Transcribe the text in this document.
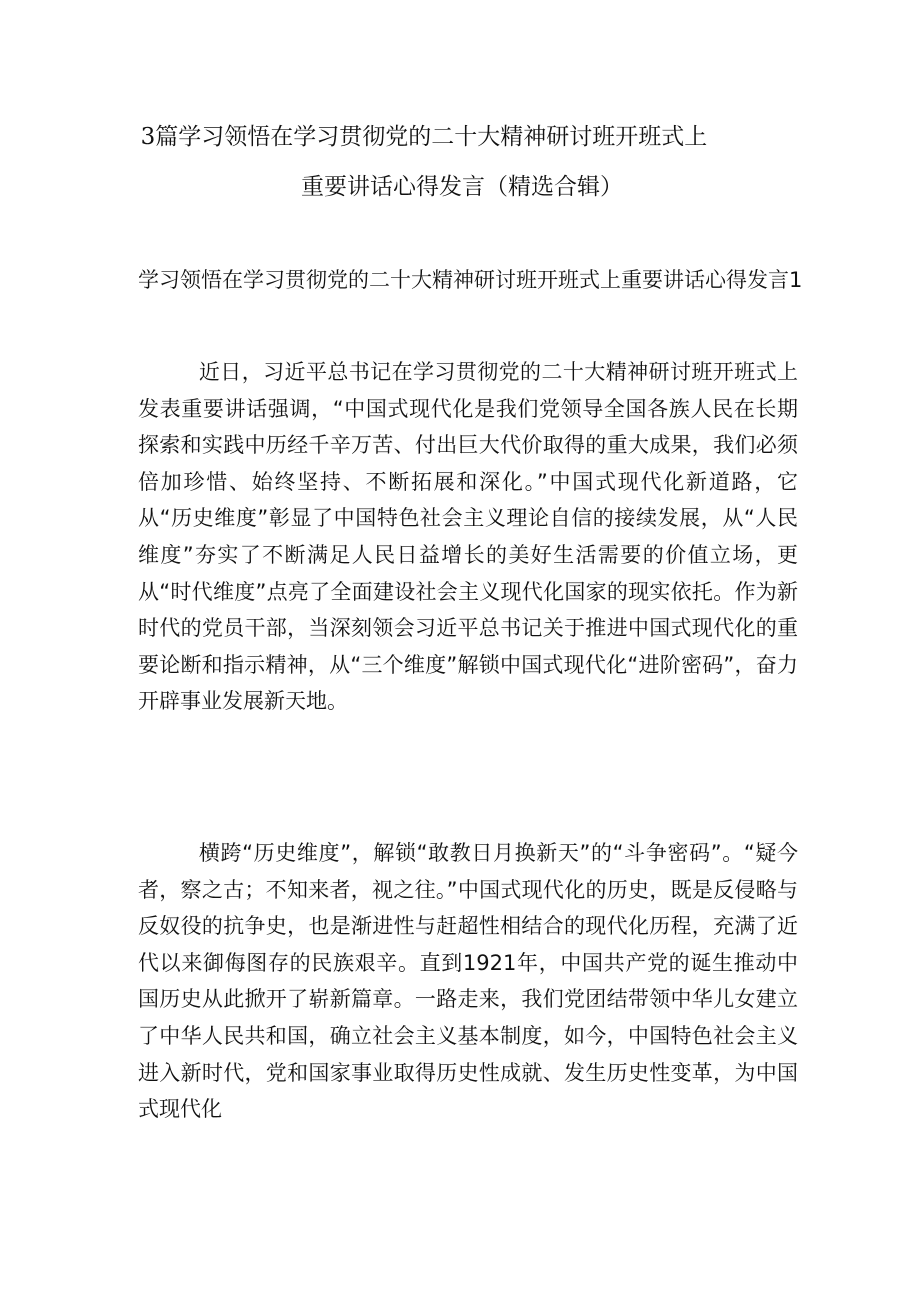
3篇学习领悟在学习贯彻党的二十大精神研讨班开班式上
重要讲话心得发言（精选合辑）
学习领悟在学习贯彻党的二十大精神研讨班开班式上重要讲话心得发言1
近日，习近平总书记在学习贯彻党的二十大精神研讨班开班式上发表重要讲话强调，“中国式现代化是我们党领导全国各族人民在长期探索和实践中历经千辛万苦、付出巨大代价取得的重大成果，我们必须倍加珍惜、始终坚持、不断拓展和深化。”中国式现代化新道路，它从“历史维度”彰显了中国特色社会主义理论自信的接续发展，从“人民维度”夯实了不断满足人民日益增长的美好生活需要的价值立场，更从“时代维度”点亮了全面建设社会主义现代化国家的现实依托。作为新时代的党员干部，当深刻领会习近平总书记关于推进中国式现代化的重要论断和指示精神，从“三个维度”解锁中国式现代化“进阶密码”，奋力开辟事业发展新天地。
横跨“历史维度”，解锁“敢教日月换新天”的“斗争密码”。“疑今者，察之古；不知来者，视之往。”中国式现代化的历史，既是反侵略与反奴役的抗争史，也是渐进性与赶超性相结合的现代化历程，充满了近代以来御侮图存的民族艰辛。直到1921年，中国共产党的诞生推动中国历史从此掀开了崭新篇章。一路走来，我们党团结带领中华儿女建立了中华人民共和国，确立社会主义基本制度，如今，中国特色社会主义进入新时代，党和国家事业取得历史性成就、发生历史性变革，为中国式现代化
